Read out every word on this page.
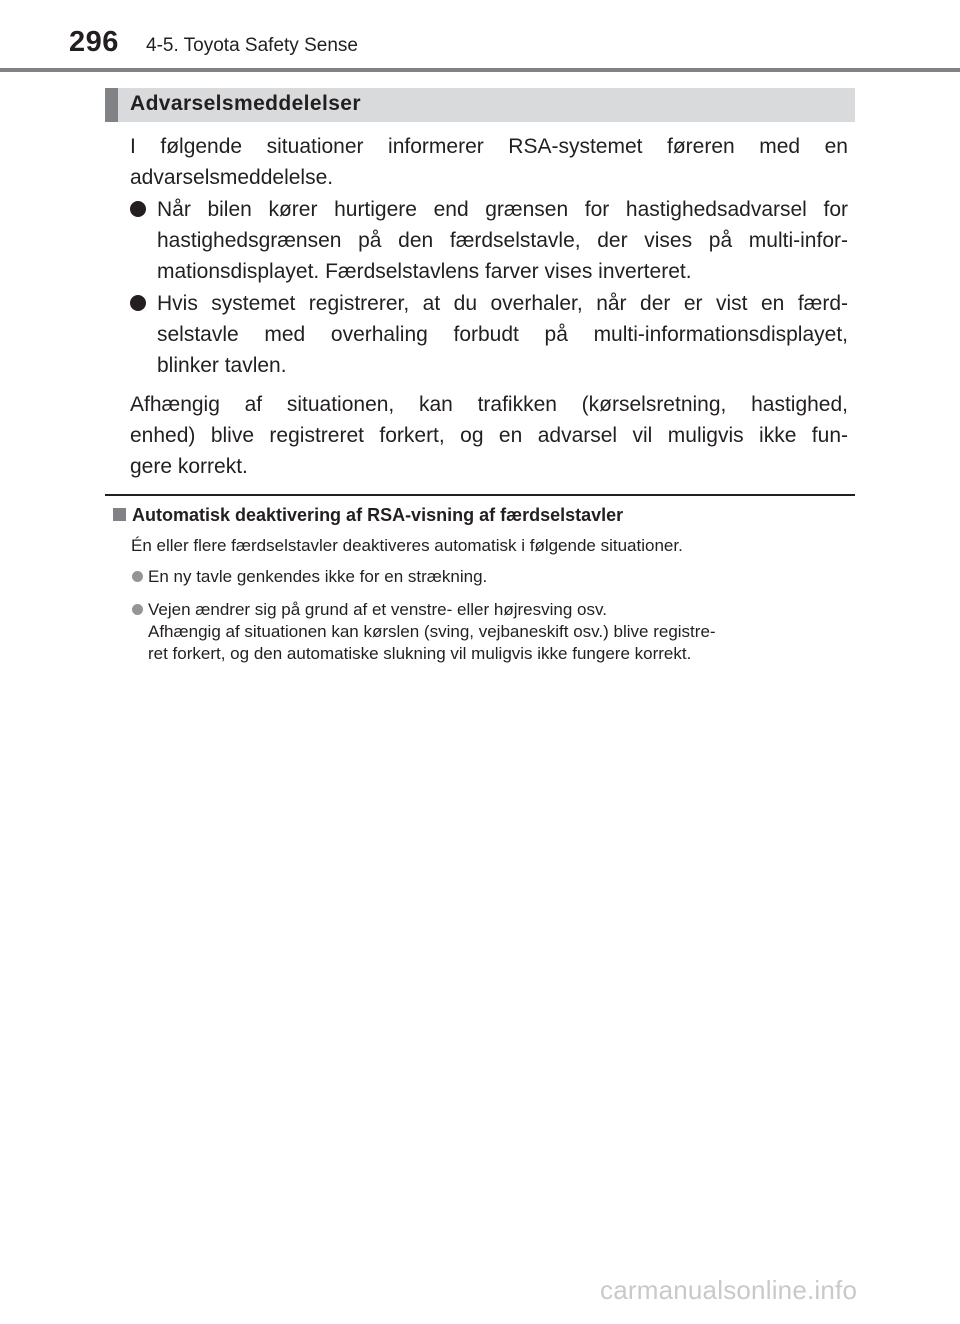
296 4-5. Toyota Safety Sense
Advarselsmeddelelser
I følgende situationer informerer RSA-systemet føreren med en
advarselsmeddelelse.
Når bilen kører hurtigere end grænsen for hastighedsadvarsel for
hastighedsgrænsen på den færdselstavle, der vises på multi-infor-
mationsdisplayet. Færdselstavlens farver vises inverteret.
Hvis systemet registrerer, at du overhaler, når der er vist en færd-
selstavle med overhaling forbudt på multi-informationsdisplayet,
blinker tavlen.
Afhængig af situationen, kan trafikken (kørselsretning, hastighed,
enhed) blive registreret forkert, og en advarsel vil muligvis ikke fun-
gere korrekt.
Automatisk deaktivering af RSA-visning af færdselstavler
Én eller flere færdselstavler deaktiveres automatisk i følgende situationer.
En ny tavle genkendes ikke for en strækning.
Vejen ændrer sig på grund af et venstre- eller højresving osv.
Afhængig af situationen kan kørslen (sving, vejbaneskift osv.) blive registre-
ret forkert, og den automatiske slukning vil muligvis ikke fungere korrekt.
carmanualsonline.info
